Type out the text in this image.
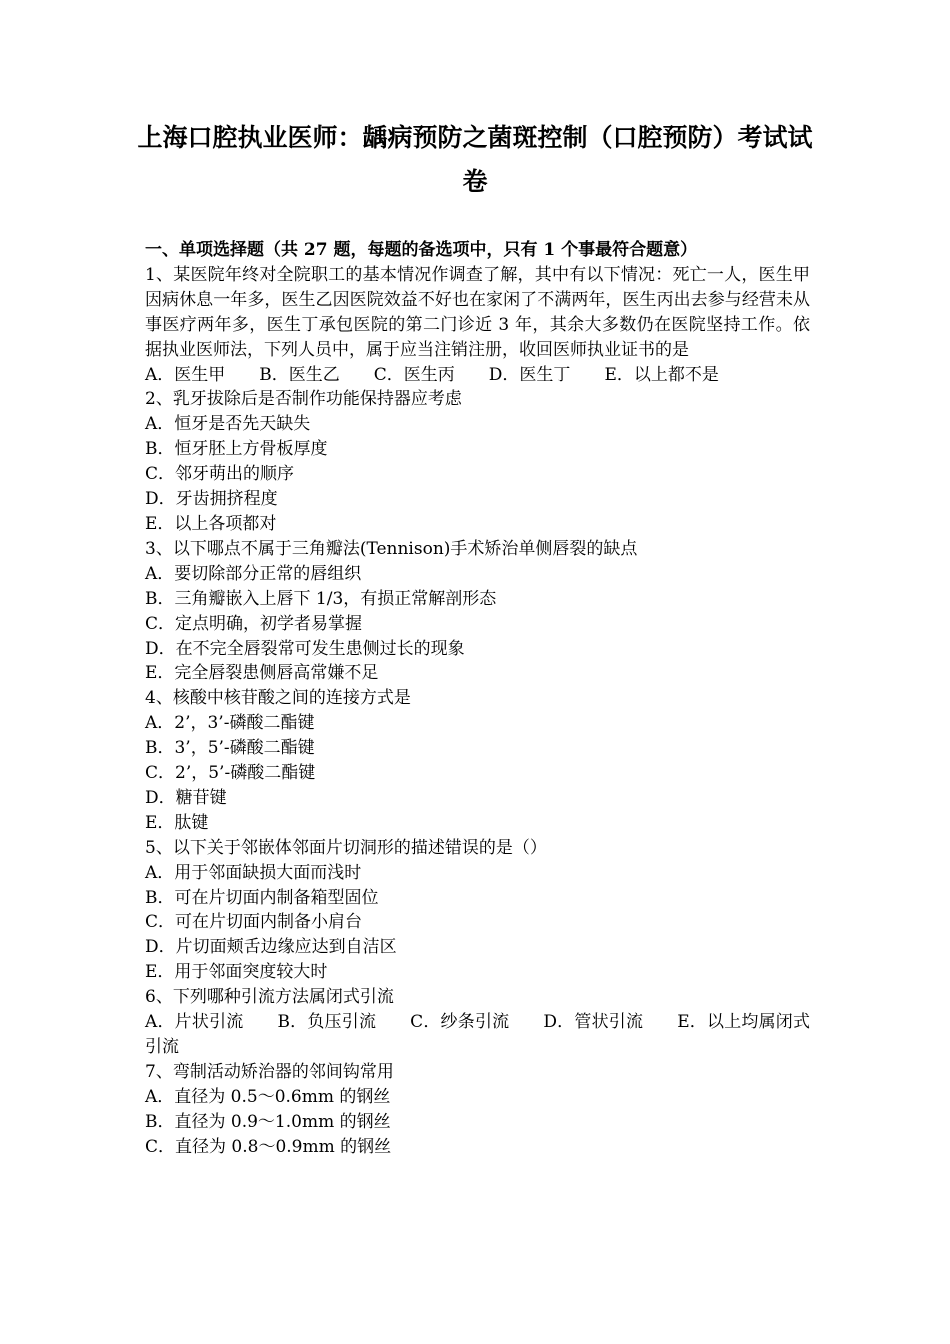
上海口腔执业医师：龋病预防之菌斑控制（口腔预防）考试试卷
一、单项选择题（共 27 题，每题的备选项中，只有 1 个事最符合题意）
1、某医院年终对全院职工的基本情况作调查了解，其中有以下情况：死亡一人，医生甲因病休息一年多，医生乙因医院效益不好也在家闲了不满两年，医生丙出去参与经营未从事医疗两年多，医生丁承包医院的第二门诊近 3 年，其余大多数仍在医院坚持工作。依据执业医师法，下列人员中，属于应当注销注册，收回医师执业证书的是
A．医生甲 B．医生乙 C．医生丙 D．医生丁 E．以上都不是
2、乳牙拔除后是否制作功能保持器应考虑
A．恒牙是否先天缺失
B．恒牙胚上方骨板厚度
C．邻牙萌出的顺序
D．牙齿拥挤程度
E．以上各项都对
3、以下哪点不属于三角瓣法(Tennison)手术矫治单侧唇裂的缺点
A．要切除部分正常的唇组织
B．三角瓣嵌入上唇下 1/3，有损正常解剖形态
C．定点明确，初学者易掌握
D．在不完全唇裂常可发生患侧过长的现象
E．完全唇裂患侧唇高常嫌不足
4、核酸中核苷酸之间的连接方式是
A．2’，3’-磷酸二酯键
B．3’，5’-磷酸二酯键
C．2’，5’-磷酸二酯键
D．糖苷键
E．肽键
5、以下关于邻嵌体邻面片切洞形的描述错误的是（）
A．用于邻面缺损大面而浅时
B．可在片切面内制备箱型固位
C．可在片切面内制备小肩台
D．片切面颊舌边缘应达到自洁区
E．用于邻面突度较大时
6、下列哪种引流方法属闭式引流
A．片状引流 B．负压引流 C．纱条引流 D．管状引流 E．以上均属闭式引流
7、弯制活动矫治器的邻间钩常用
A．直径为 0.5～0.6mm 的钢丝
B．直径为 0.9～1.0mm 的钢丝
C．直径为 0.8～0.9mm 的钢丝
